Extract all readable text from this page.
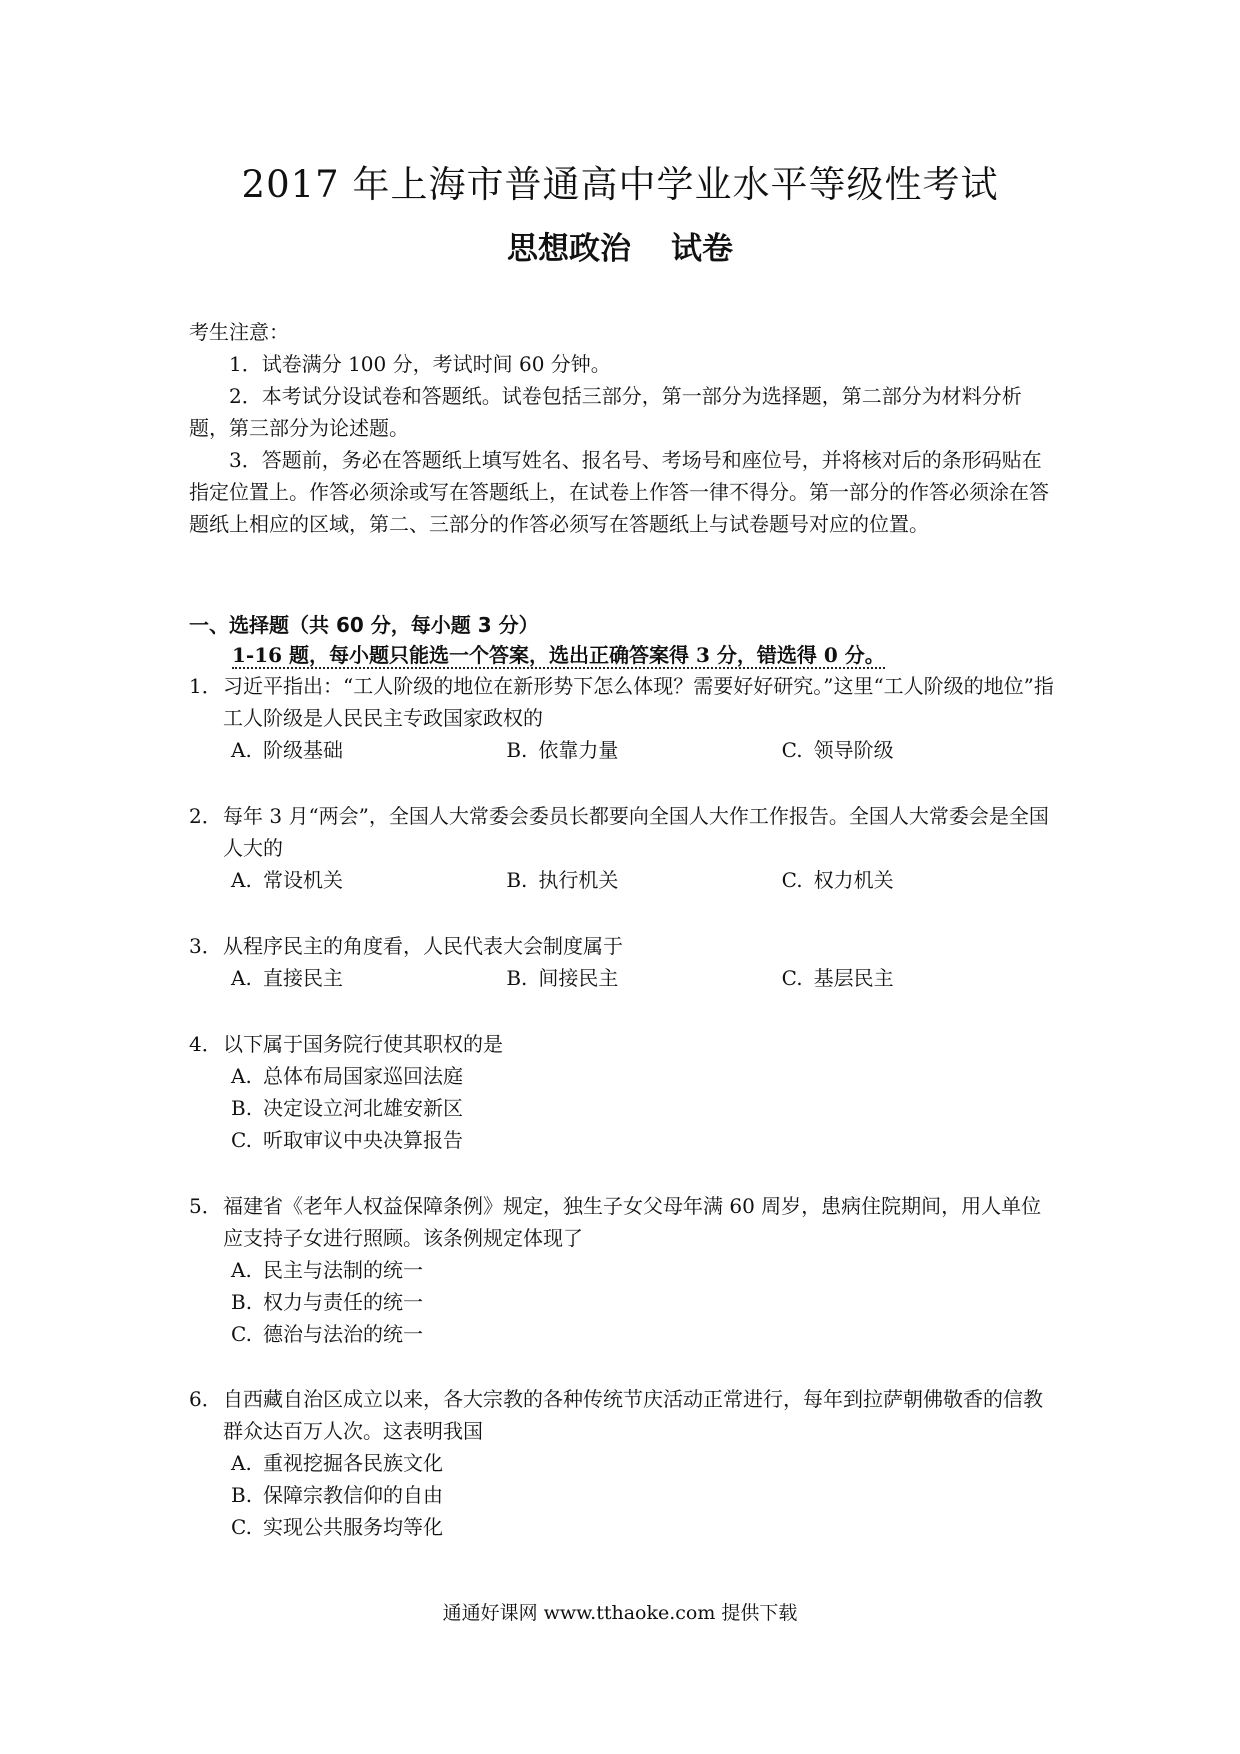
2017 年上海市普通高中学业水平等级性考试
思想政治 试卷

考生注意：

1．试卷满分 100 分，考试时间 60 分钟。

2．本考试分设试卷和答题纸。试卷包括三部分，第一部分为选择题，第二部分为材料分析题，第三部分为论述题。

3．答题前，务必在答题纸上填写姓名、报名号、考场号和座位号，并将核对后的条形码贴在指定位置上。作答必须涂或写在答题纸上，在试卷上作答一律不得分。第一部分的作答必须涂在答题纸上相应的区域，第二、三部分的作答必须写在答题纸上与试卷题号对应的位置。

一、选择题（共 60 分，每小题 3 分）
1-16 题，每小题只能选一个答案，选出正确答案得 3 分，错选得 0 分。
1．习近平指出：“工人阶级的地位在新形势下怎么体现？需要好好研究。”这里“工人阶级的地位”指工人阶级是人民民主专政国家政权的
A. 阶级基础	B. 依靠力量	C. 领导阶级
2．每年 3 月“两会”，全国人大常委会委员长都要向全国人大作工作报告。全国人大常委会是全国人大的
A. 常设机关	B. 执行机关	C. 权力机关
3．从程序民主的角度看，人民代表大会制度属于
A. 直接民主	B. 间接民主	C. 基层民主
4．以下属于国务院行使其职权的是
A. 总体布局国家巡回法庭
B. 决定设立河北雄安新区
C. 听取审议中央决算报告
5．福建省《老年人权益保障条例》规定，独生子女父母年满 60 周岁，患病住院期间，用人单位应支持子女进行照顾。该条例规定体现了
A. 民主与法制的统一
B. 权力与责任的统一
C. 德治与法治的统一
6．自西藏自治区成立以来，各大宗教的各种传统节庆活动正常进行，每年到拉萨朝佛敬香的信教群众达百万人次。这表明我国
A. 重视挖掘各民族文化
B. 保障宗教信仰的自由
C. 实现公共服务均等化
通通好课网 www.tthaoke.com 提供下载
